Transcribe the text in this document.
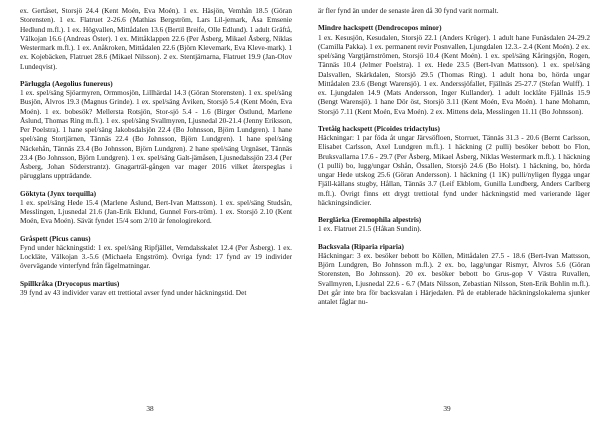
ex. Gertåset, Storsjö 24.4 (Kent Moén, Eva Moén). 1 ex. Häsjön, Vemhån 18.5 (Göran Storensten). 1 ex. Flatruet 2-26.6 (Mathias Bergström, Lars Lil-jemark, Åsa Emsenie Hedlund m.fl.). 1 ex. Högvallen, Mittådalen 13.6 (Bertil Breife, Olle Edlund). 1 adult Gräftå, Välkojan 16.6 (Andreas Öster). 1 ex. Mittåklappen 22.6 (Per Åsberg, Mikael Åsberg, Niklas Westermark m.fl.). 1 ex. Anåkroken, Mittådalen 22.6 (Björn Klevemark, Eva Kleve-mark). 1 ex. Kojebäcken, Flatruet 28.6 (Mikael Nilsson). 2 ex. Stentjärnarna, Flatruet 19.9 (Jan-Olov Lundeqvist).

Pärluggla (Aegolius funereus)

1 ex. spel/säng Sjöarmyren, Ormmosjön, Lillhärdal 14.3 (Göran Storensten). 1 ex. spel/säng Busjön, Älvros 19.3 (Magnus Grinde). 1 ex. spel/säng Åviken, Storsjö 5.4 (Kent Moén, Eva Moén). 1 ex. bobesök? Mellersta Rotsjön, Stor-sjö 5.4 - 1.6 (Birger Östlund, Marlene Åslund, Thomas Ring m.fl.). 1 ex. spel/säng Svallmyren, Ljusnedal 20-21.4 (Jenny Eriksson, Per Poelstra). 1 hane spel/säng Jakobsdalsjön 22.4 (Bo Johnsson, Björn Lundgren). 1 hane spel/säng Stortjärnen, Tännäs 22.4 (Bo Johnsson, Björn Lundgren). 1 hane spel/säng Näckehån, Tännäs 23.4 (Bo Johnsson, Björn Lundgren). 2 hane spel/säng Urgnäset, Tännäs 23.4 (Bo Johnsson, Björn Lundgren). 1 ex. spel/säng Galt-jämåsen, Ljusnedalssjön 23.4 (Per Åsberg, Johan Söderstrantz). Gnagarträl-gången var mager 2016 vilket återspeglas i pärugglans uppträdande.

Göktyta (Jynx torquilla)

1 ex. spel/säng Hede 15.4 (Marlene Åslund, Bert-Ivan Mattsson). 1 ex. spel/säng Studsån, Messlingen, Ljusnedal 21.6 (Jan-Erik Eklund, Gunnel Fors-tröm). 1 ex. Storsjö 2.10 (Kent Moén, Eva Moén). Sävät fyndet 15/4 som 2/10 är fenologirekord.

Gråspett (Picus canus)

Fynd under häckningstid: 1 ex. spel/säng Ripfjället, Vemdalsskalet 12.4 (Per Åsberg). 1 ex. Lockläte, Välkojan 3.-5.6 (Michaela Engström). Övriga fynd: 17 fynd av 19 individer övervägande vinterfynd från fågelmatningar.

Spillkråka (Dryocopus martius)

39 fynd av 43 individer varav ett trettiotal avser fynd under häckningstid. Det

38

är fler fynd än under de senaste åren då 30 fynd varit normalt.

Mindre hackspett (Dendrocopos minor)

1 ex. Kesusjön, Kesudalen, Storsjö 22.1 (Anders Krüger). 1 adult hane Funäsdalen 24-29.2 (Camilla Pakka). 1 ex. permanent revir Posnvallen, Ljungdalen 12.3.- 2.4 (Kent Moén). 2 ex. spel/säng Vargtjärnströmen, Storsjö 10.4 (Kent Moén). 1 ex. spel/säng Kåringsjön, Rogen, Tännäs 10.4 (Jelmer Poelstra). 1 ex. Hede 23.5 (Bert-Ivan Mattsson). 1 ex. spel/säng Dalsvallen, Skärkdalen, Storsjö 29.5 (Thomas Ring). 1 adult hona bo, hörda ungar Mittådalen 23.6 (Bengt Warensjö). 1 ex. Anderssjöfallet, Fjällnäs 25-27.7 (Stefan Wulff). 1 ex. Ljungdalen 14.9 (Mats Andersson, Inger Kullander). 1 adult locklåte Fjällnäs 15.9 (Bengt Warensjö). 1 hane Dör öst, Storsjö 3.11 (Kent Moén, Eva Moén). 1 hane Mohamn, Storsjö 7.11 (Kent Moén, Eva Moén). 2 ex. Mittens dela, Messlingen 11.11 (Bo Johnsson).

Tretåig hackspett (Picoides tridactylus)

Häckningar: 1 par föda åt ungar Järvsöfloen, Storruet, Tännäs 31.3 - 20.6 (Bernt Carlsson, Elisabet Carlsson, Axel Lundgren m.fl.). 1 häckning (2 pulli) besöker bebott bo Flon, Bruksvallarna 17.6 - 29.7 (Per Åsberg, Mikael Åsberg, Niklas Westermark m.fl.). 1 häckning (1 pulli) bo, lugg/ungar Oshån, Össallen, Storsjö 24.6 (Bo Holst). 1 häckning, bo, hörda ungar Hede utskog 25.6 (Göran Andersson). 1 häckning (1 1K) pulli/nyligen flygga ungar Fjäll-källans stugby, Hållan, Tännäs 3.7 (Leif Ekblom, Gunilla Lundberg, Anders Carlberg m.fl.). Övrigt finns ett drygt trettiotal fynd under häckningstid med varierande läger häckningsindicier.

Berglärka (Eremophila alpestris)

1 ex. Flatruet 21.5 (Håkan Sundin).

Backsvala (Riparia riparia)

Häckningar: 3 ex. besöker bebott bo Köllen, Mittådalen 27.5 - 18.6 (Bert-Ivan Mattsson, Björn Lundgren, Bo Johnsson m.fl.). 2 ex. bo, lagg/ungar Rismyr, Älvros 5.6 (Göran Storensten, Bo Johnsson). 20 ex. besöker bebott bo Grus-gop V Västra Ruvallen, Svallmyren, Ljusnedal 22.6 - 6.7 (Mats Nilsson, Zebastian Nilsson, Sten-Erik Bohlin m.fl.). Det går inte bra för backsvalan i Härjedalen. På de etablerade häckningslokalerna sjunker antalet fåglar nu-

39
